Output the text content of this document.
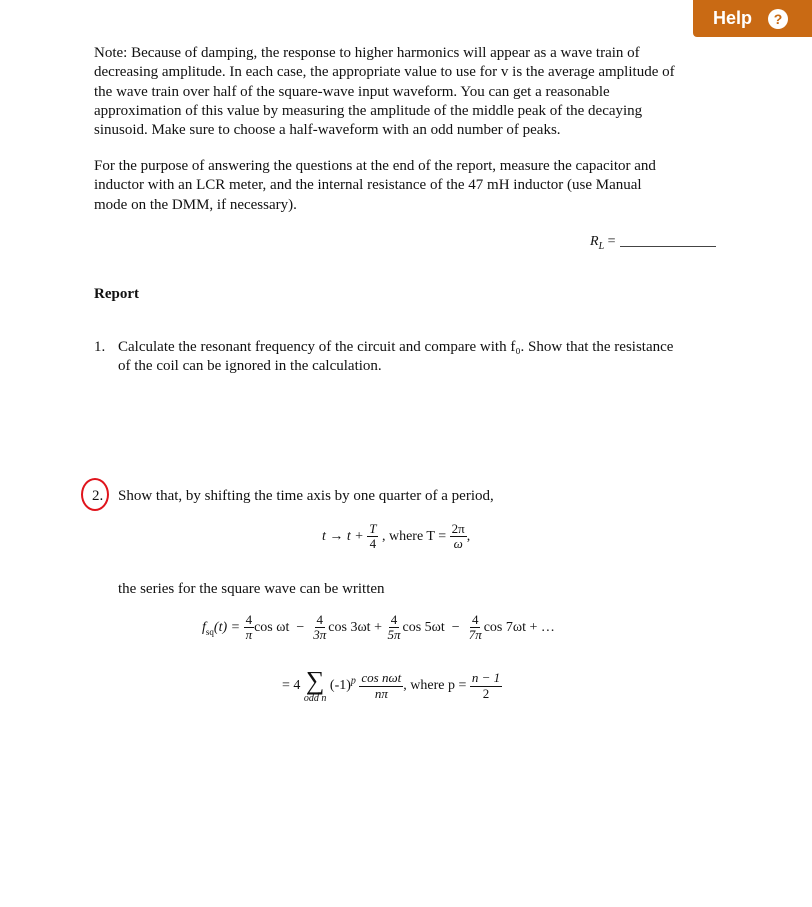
Help	?

Note: Because of damping, the response to higher harmonics will appear as a wave train of

decreasing amplitude. In each case, the appropriate value to use for v is the average amplitude of

the wave train over half of the square-wave input waveform. You can get a reasonable

approximation of this value by measuring the amplitude of the middle peak of the decaying

sinusoid. Make sure to choose a half-waveform with an odd number of peaks.

For the purpose of answering the questions at the end of the report, measure the capacitor and

inductor with an LCR meter, and the internal resistance of the 47 mH inductor (use Manual

mode on the DMM, if necessary).

$R_L$ =
Report
1. Calculate the resonant frequency of the circuit and compare with f₀. Show that the resistance
of the coil can be ignored in the calculation.
2. Show that, by shifting the time axis by one quarter of a period,
$t \to t + \frac{T}{4}$ , where $T = \frac{2\pi}{\omega}$ ,
the series for the square wave can be written
$f_{sq}(t) = \frac{4}{\pi}$ $\cos \omega t - \frac{4}{3\pi}$ $\cos 3\omega t + \frac{4}{5\pi}$ $\cos 5\omega t - \frac{4}{7\pi}$ cos 7ωt + …
= 4 ∑
odd n
$(-1)^p \frac{\text{cos nωt}}{n\pi}$ , where $p = \frac{n - 1}{2}$
